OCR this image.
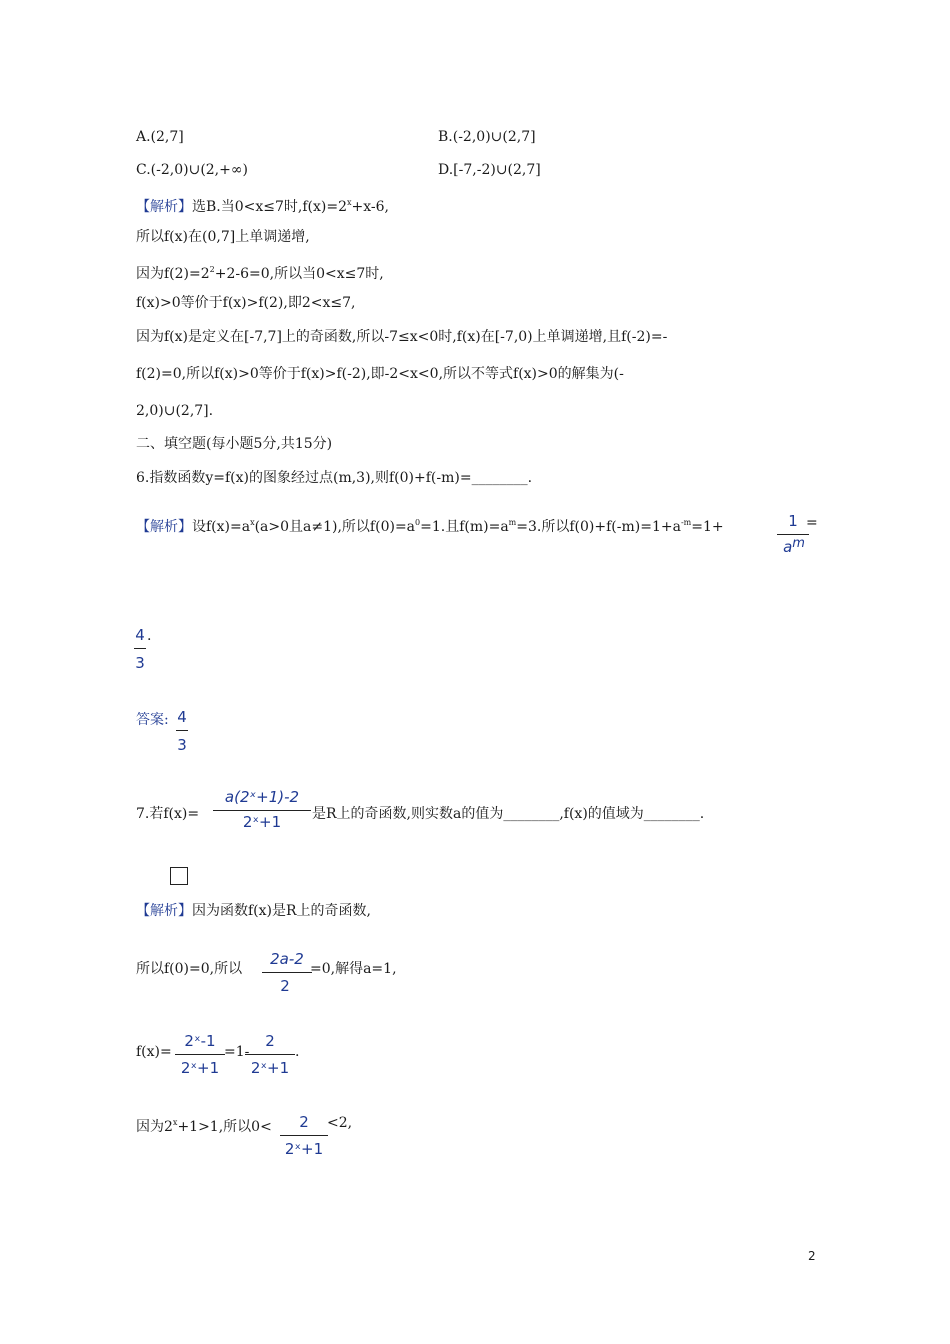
A.(2,7]	B.(-2,0)∪(2,7]
C.(-2,0)∪(2,+∞)	D.[-7,-2)∪(2,7]
【解析】选B.当0<x≤7时$,f(x)=2^x+x-6$,
所以f(x)在(0,7]上单调递增,
因为$f(2)=2^2+2-6=0$,所以当0<x≤7时,
f(x)>0等价于f(x)>f(2),即2<x≤7,
因为f(x)是定义在[-7,7]上的奇函数,所以-7≤x<0时,f(x)在[-7,0)上单调递增,且f(-2)=-
f(2)=0,所以f(x)>0等价于f(x)>f(-2),即-2<x<0,所以不等式f(x)>0的解集为(-
2,0)∪(2,7].
二、填空题(每小题5分,共15分)
6.指数函数y=f(x)的图象经过点(m,3),则f(0)+f(-m)=________.
【解析】设$f(x)=a^x(a>0$且a≠1),所以$f(0)=a^0=1$.且$f(m)=a^m=3$.所以$f(0)+f(-m)=1+a^{-m}=1+$	1
am
=
4
3
.
答案: 4
3
7.若f(x)=
a(2ˣ+1)-2
2ˣ+1	是R上的奇函数,则实数a的值为________,f(x)的值域为________.
【解析】因为函数f(x)是R上的奇函数,
所以f(0)=0,所以
2a-2
2
=0,解得a=1,
f(x)=
2ˣ-1
2ˣ+1
=1-
2
2ˣ+1
.
因为$2^x+1>1$,所以0<	2
2ˣ+1
<2,
2
